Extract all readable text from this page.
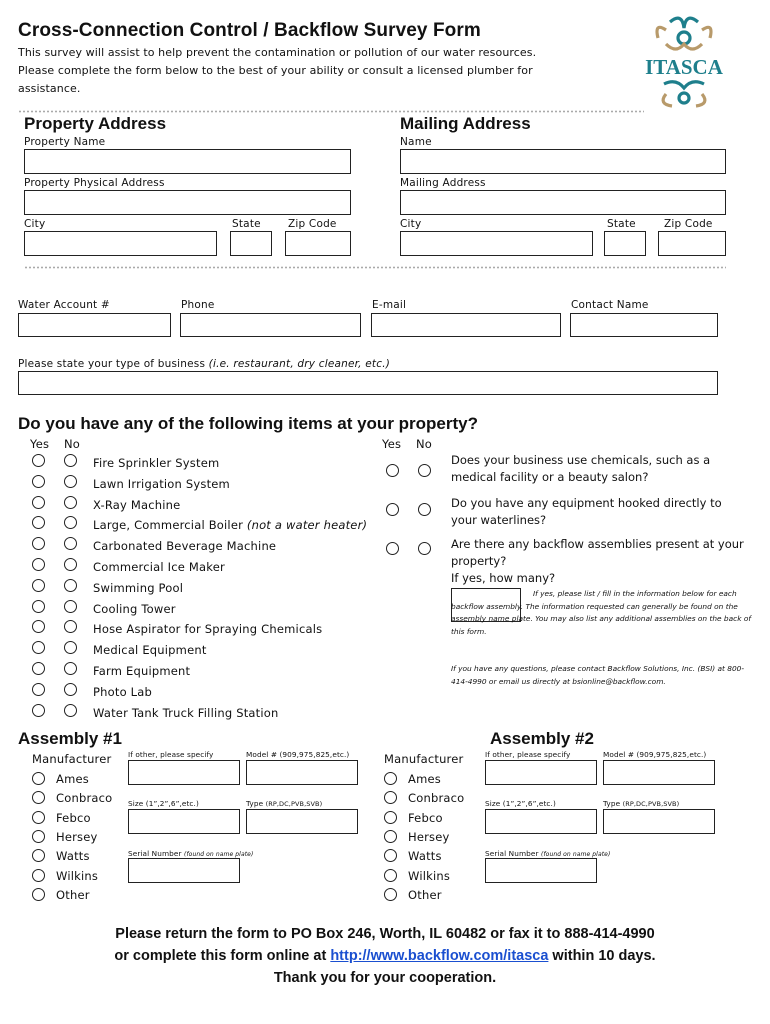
Cross-Connection Control / Backflow Survey Form
This survey will assist to help prevent the contamination or pollution of our water resources. Please complete the form below to the best of your ability or consult a licensed plumber for assistance.
ITASCA
Property Address
Property Name
Property Physical Address
City	State	Zip Code
Mailing Address
Name
Mailing Address
City	State	Zip Code
Water Account #	Phone	E-mail	Contact Name
Please state your type of business (i.e. restaurant, dry cleaner, etc.)
Do you have any of the following items at your property?
Yes No	Yes No
Fire Sprinkler System
Lawn Irrigation System
X-Ray Machine
Large, Commercial Boiler (not a water heater)
Carbonated Beverage Machine
Commercial Ice Maker
Swimming Pool
Cooling Tower
Hose Aspirator for Spraying Chemicals
Medical Equipment
Farm Equipment
Photo Lab
Water Tank Truck Filling Station
Does your business use chemicals, such as a medical facility or a beauty salon?
Do you have any equipment hooked directly to your waterlines?
Are there any backflow assemblies present at your property?
If yes, how many?
If yes, please list / fill in the information below for each backflow assembly. The information requested can generally be found on the assembly name plate. You may also list any additional assemblies on the back of this form.
If you have any questions, please contact Backflow Solutions, Inc. (BSI) at 800-414-4990 or email us directly at bsionline@backflow.com.
Assembly #1
Manufacturer
Ames
Conbraco
Febco
Hersey
Watts
Wilkins
Other
If other, please specify	Model # (909,975,825,etc.)
Size (1”,2”,6”,etc.)	Type (RP,DC,PVB,SVB)
Serial Number (found on name plate)
Assembly #2
Manufacturer
Ames
Conbraco
Febco
Hersey
Watts
Wilkins
Other
If other, please specify	Model # (909,975,825,etc.)
Size (1”,2”,6”,etc.)	Type (RP,DC,PVB,SVB)
Serial Number (found on name plate)
Please return the form to PO Box 246, Worth, IL 60482 or fax it to 888-414-4990
or complete this form online at http://www.backflow.com/itasca within 10 days.
Thank you for your cooperation.
